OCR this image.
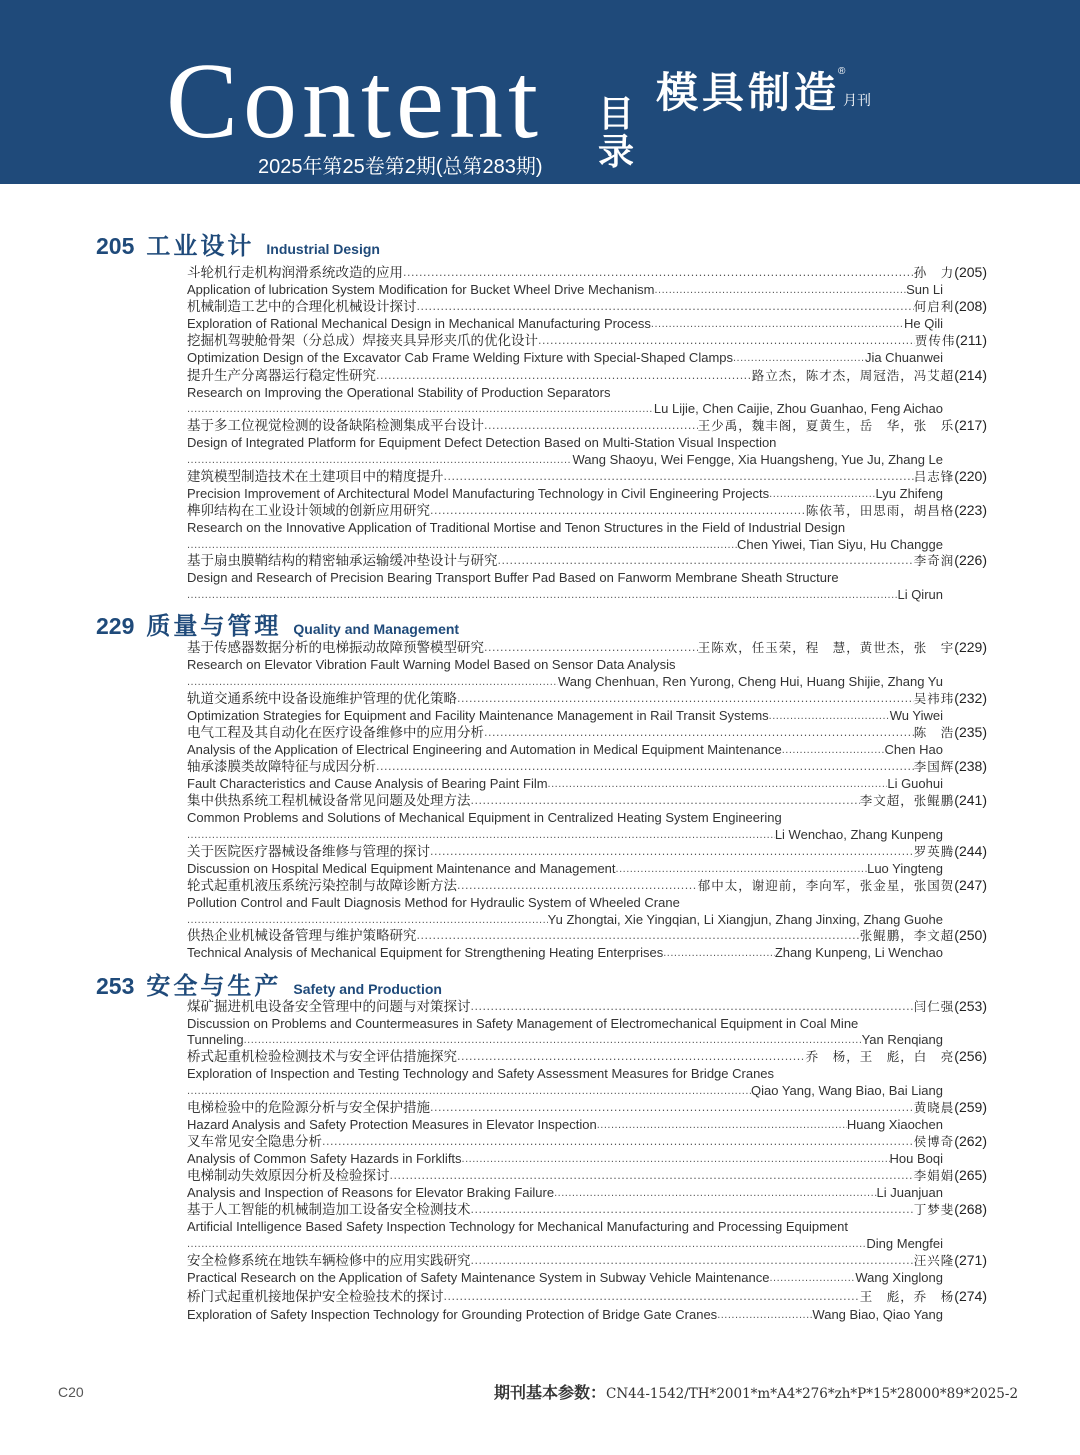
Content
2025年第25卷第2期(总第283期)
目录
模具制造
®
月刊
205 工业设计 Industrial Design
斗轮机行走机构润滑系统改造的应用 .....	孙　力(205)
Application of lubrication System Modification for Bucket Wheel Drive Mechanism .....	Sun Li
机械制造工艺中的合理化机械设计探讨 .....	何启利(208)
Exploration of Rational Mechanical Design in Mechanical Manufacturing Process .....	He Qili
挖掘机驾驶舱骨架（分总成）焊接夹具异形夹爪的优化设计 .....	贾传伟(211)
Optimization Design of the Excavator Cab Frame Welding Fixture with Special-Shaped Clamps .....	Jia Chuanwei
提升生产分离器运行稳定性研究 .....	路立杰，陈才杰，周冠浩，冯艾超(214)
Research on Improving the Operational Stability of Production Separators
.....
Lu Lijie, Chen Caijie, Zhou Guanhao, Feng Aichao
基于多工位视觉检测的设备缺陷检测集成平台设计 .....	王少禹，魏丰阁，夏黄生，岳　华，张　乐(217)
Design of Integrated Platform for Equipment Defect Detection Based on Multi-Station Visual Inspection
.....
Wang Shaoyu, Wei Fengge, Xia Huangsheng, Yue Ju, Zhang Le
建筑模型制造技术在土建项目中的精度提升 .....	吕志锋(220)
Precision Improvement of Architectural Model Manufacturing Technology in Civil Engineering Projects .....	Lyu Zhifeng
榫卯结构在工业设计领域的创新应用研究 .....	陈依苇，田思雨，胡昌格(223)
Research on the Innovative Application of Traditional Mortise and Tenon Structures in the Field of Industrial Design
.....
Chen Yiwei, Tian Siyu, Hu Changge
基于扇虫膜鞘结构的精密轴承运输缓冲垫设计与研究 .....	李奇润(226)
Design and Research of Precision Bearing Transport Buffer Pad Based on Fanworm Membrane Sheath Structure
.....
Li Qirun
229 质量与管理 Quality and Management
基于传感器数据分析的电梯振动故障预警模型研究 .....	王陈欢，任玉荣，程　慧，黄世杰，张　宇(229)
Research on Elevator Vibration Fault Warning Model Based on Sensor Data Analysis
.....
Wang Chenhuan, Ren Yurong, Cheng Hui, Huang Shijie, Zhang Yu
轨道交通系统中设备设施维护管理的优化策略 .....	吴祎玮(232)
Optimization Strategies for Equipment and Facility Maintenance Management in Rail Transit Systems .....	Wu Yiwei
电气工程及其自动化在医疗设备维修中的应用分析 .....	陈　浩(235)
Analysis of the Application of Electrical Engineering and Automation in Medical Equipment Maintenance .....	Chen Hao
轴承漆膜类故障特征与成因分析 .....	李国辉(238)
Fault Characteristics and Cause Analysis of Bearing Paint Film .....	Li Guohui
集中供热系统工程机械设备常见问题及处理方法 .....	李文超，张鲲鹏(241)
Common Problems and Solutions of Mechanical Equipment in Centralized Heating System Engineering
.....
Li Wenchao, Zhang Kunpeng
关于医院医疗器械设备维修与管理的探讨 .....	罗英腾(244)
Discussion on Hospital Medical Equipment Maintenance and Management .....	Luo Yingteng
轮式起重机液压系统污染控制与故障诊断方法 .....	郁中太，谢迎前，李向军，张金星，张国贺(247)
Pollution Control and Fault Diagnosis Method for Hydraulic System of Wheeled Crane
.....
Yu Zhongtai, Xie Yingqian, Li Xiangjun, Zhang Jinxing, Zhang Guohe
供热企业机械设备管理与维护策略研究 .....	张鲲鹏，李文超(250)
Technical Analysis of Mechanical Equipment for Strengthening Heating Enterprises .....	Zhang Kunpeng, Li Wenchao
253 安全与生产 Safety and Production
煤矿掘进机电设备安全管理中的问题与对策探讨 .....	闫仁强(253)
Discussion on Problems and Countermeasures in Safety Management of Electromechanical Equipment in Coal Mine
Tunneling .....	Yan Renqiang
桥式起重机检验检测技术与安全评估措施探究 .....	乔　杨，王　彪，白　亮(256)
Exploration of Inspection and Testing Technology and Safety Assessment Measures for Bridge Cranes
.....
Qiao Yang, Wang Biao, Bai Liang
电梯检验中的危险源分析与安全保护措施 .....	黄晓晨(259)
Hazard Analysis and Safety Protection Measures in Elevator Inspection .....	Huang Xiaochen
叉车常见安全隐患分析 .....	侯博奇(262)
Analysis of Common Safety Hazards in Forklifts .....	Hou Boqi
电梯制动失效原因分析及检验探讨 .....	李娟娟(265)
Analysis and Inspection of Reasons for Elevator Braking Failure .....	Li Juanjuan
基于人工智能的机械制造加工设备安全检测技术 .....	丁梦斐(268)
Artificial Intelligence Based Safety Inspection Technology for Mechanical Manufacturing and Processing Equipment
.....
Ding Mengfei
安全检修系统在地铁车辆检修中的应用实践研究 .....	汪兴隆(271)
Practical Research on the Application of Safety Maintenance System in Subway Vehicle Maintenance .....	Wang Xinglong
桥门式起重机接地保护安全检验技术的探讨 .....	王　彪，乔　杨(274)
Exploration of Safety Inspection Technology for Grounding Protection of Bridge Gate Cranes .....	Wang Biao, Qiao Yang
C20	期刊基本参数：CN44-1542/TH*2001*m*A4*276*zh*P*15*28000*89*2025-2
